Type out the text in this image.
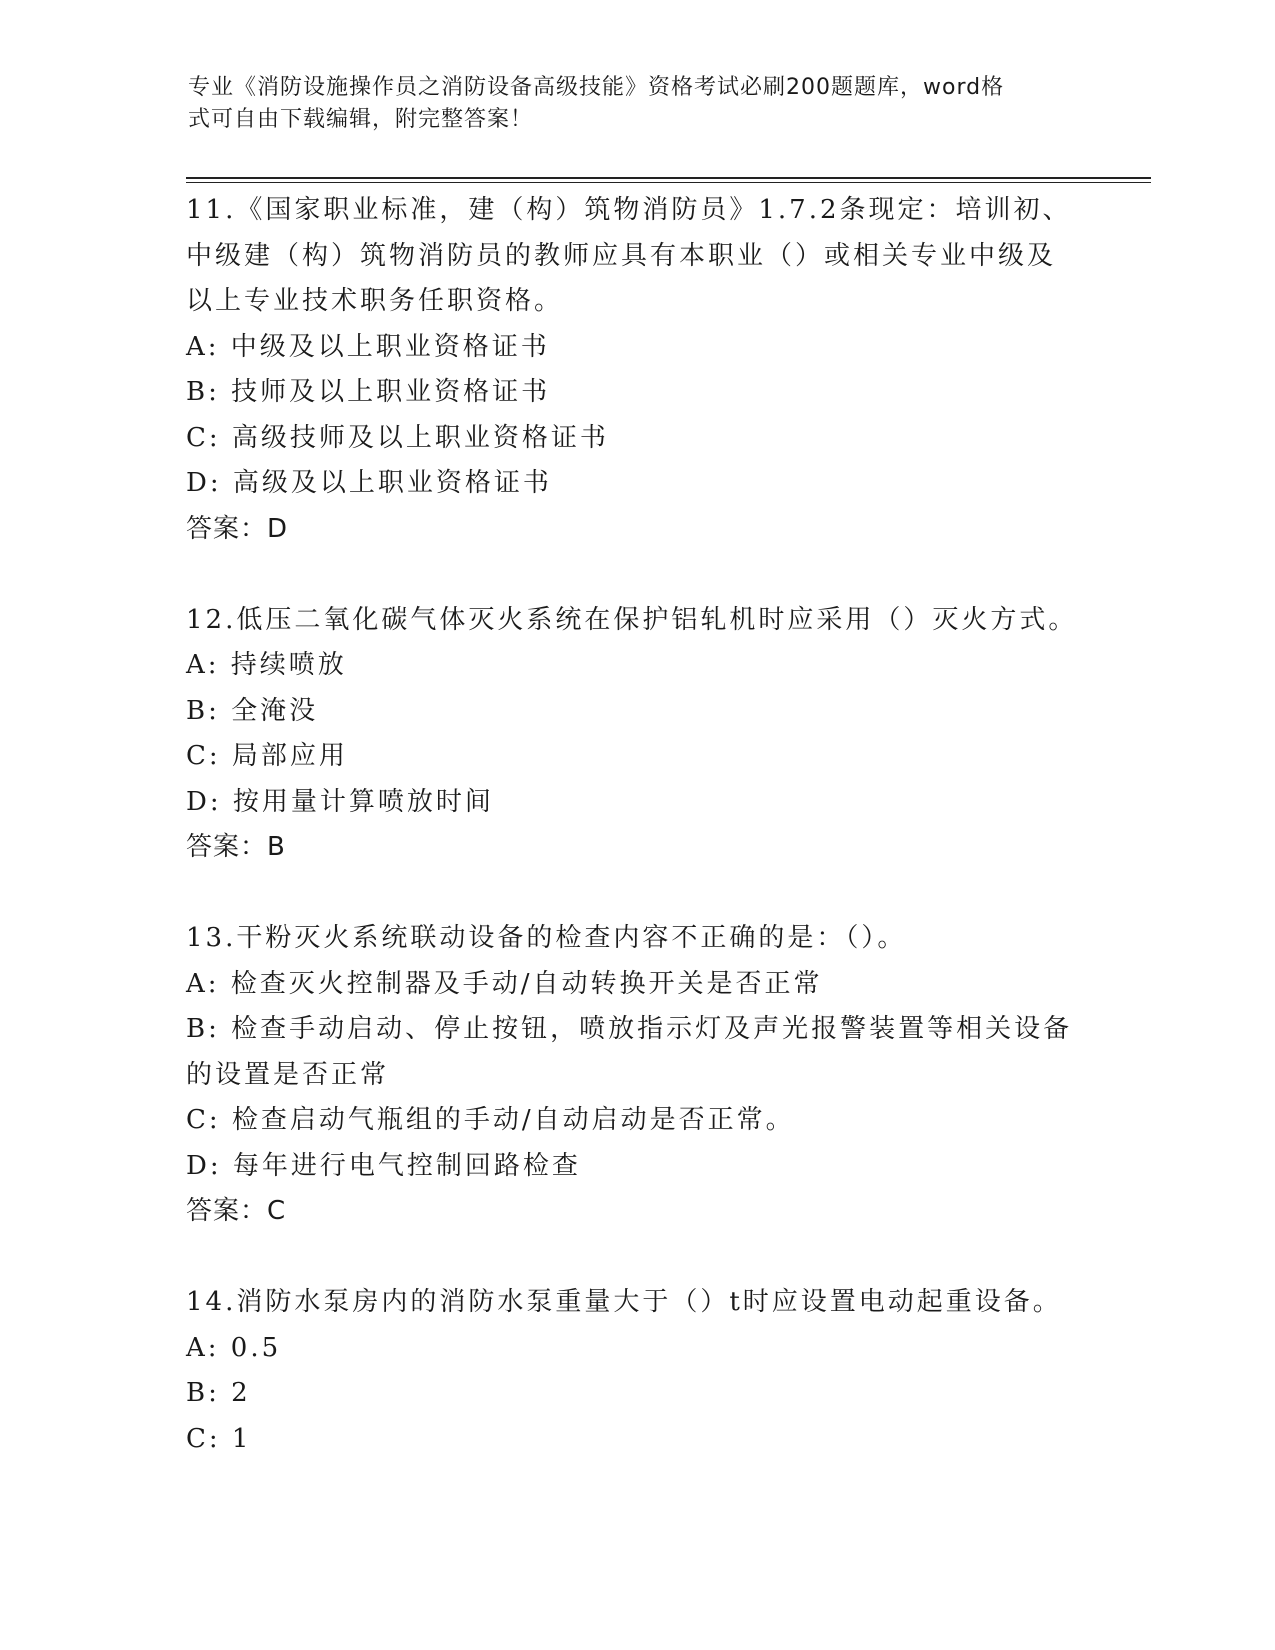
专业《消防设施操作员之消防设备高级技能》资格考试必刷200题题库，word格
式可自由下载编辑，附完整答案！
11.《国家职业标准，建（构）筑物消防员》1.7.2条现定：培训初、
中级建（构）筑物消防员的教师应具有本职业（）或相关专业中级及
以上专业技术职务任职资格。
A: 中级及以上职业资格证书
B: 技师及以上职业资格证书
C: 高级技师及以上职业资格证书
D: 高级及以上职业资格证书
答案：D
12.低压二氧化碳气体灭火系统在保护铝轧机时应采用（）灭火方式。
A: 持续喷放
B: 全淹没
C: 局部应用
D: 按用量计算喷放时间
答案：B
13.干粉灭火系统联动设备的检查内容不正确的是：（）。
A: 检查灭火控制器及手动/自动转换开关是否正常
B: 检查手动启动、停止按钮，喷放指示灯及声光报警装置等相关设备
的设置是否正常
C: 检查启动气瓶组的手动/自动启动是否正常。
D: 每年进行电气控制回路检查
答案：C
14.消防水泵房内的消防水泵重量大于（）t时应设置电动起重设备。
A: 0.5
B: 2
C: 1
